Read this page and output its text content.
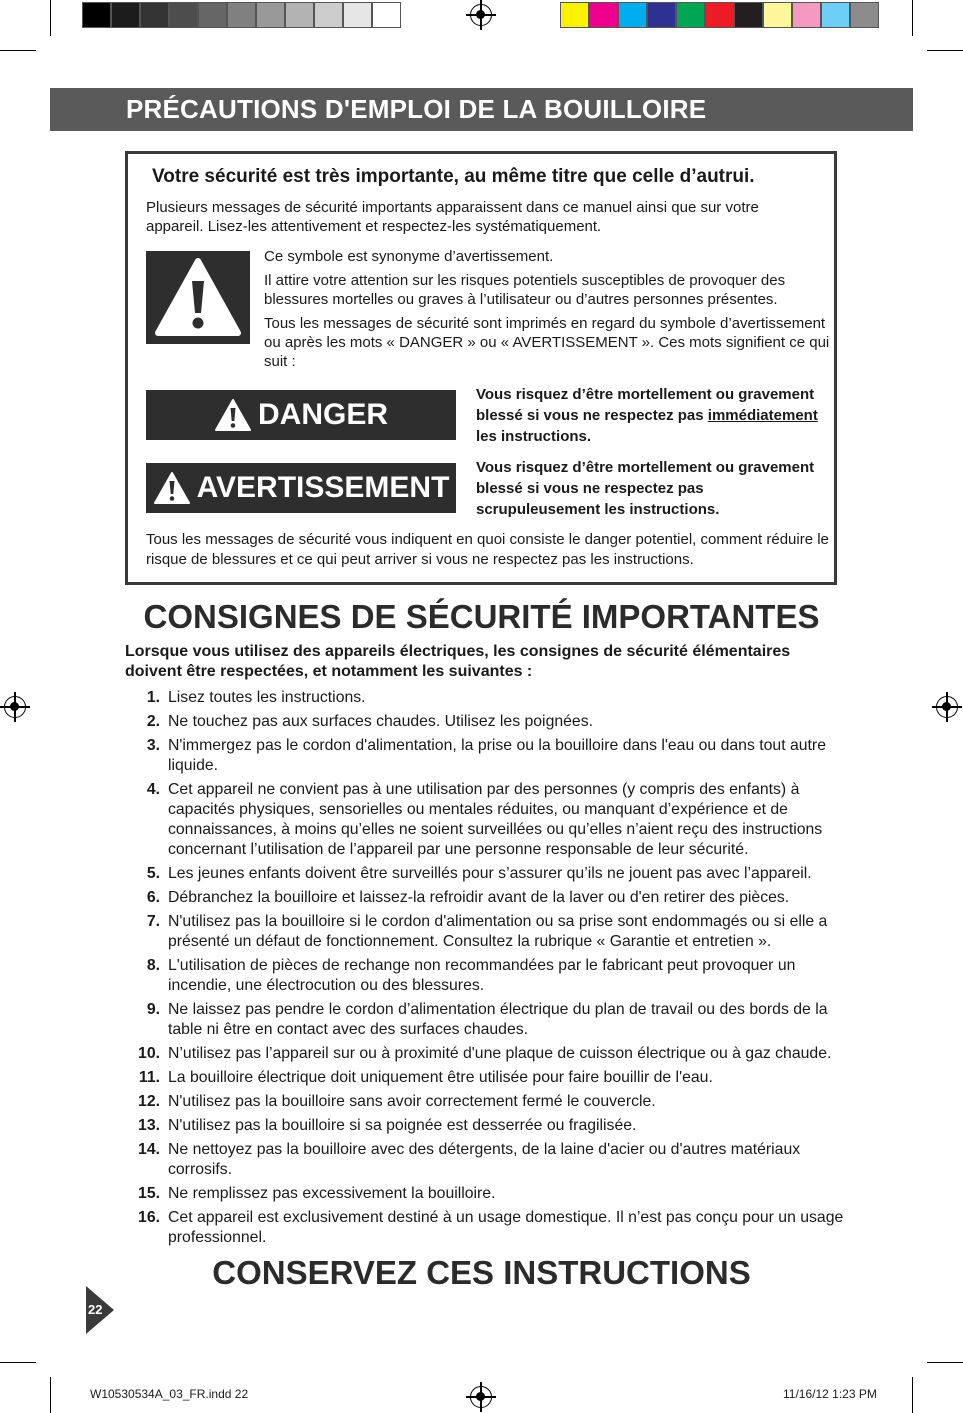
PRÉCAUTIONS D'EMPLOI DE LA BOUILLOIRE
Votre sécurité est très importante, au même titre que celle d’autrui.
Plusieurs messages de sécurité importants apparaissent dans ce manuel ainsi que sur votre appareil. Lisez-les attentivement et respectez-les systématiquement.

Ce symbole est synonyme d’avertissement.

Il attire votre attention sur les risques potentiels susceptibles de provoquer des blessures mortelles ou graves à l’utilisateur ou d’autres personnes présentes.

Tous les messages de sécurité sont imprimés en regard du symbole d’avertissement ou après les mots « DANGER » ou « AVERTISSEMENT ». Ces mots signifient ce qui suit :

DANGER
Vous risquez d’être mortellement ou gravement blessé si vous ne respectez pas immédiatement les instructions.
AVERTISSEMENT
Vous risquez d’être mortellement ou gravement blessé si vous ne respectez pas scrupuleusement les instructions.
Tous les messages de sécurité vous indiquent en quoi consiste le danger potentiel, comment réduire le risque de blessures et ce qui peut arriver si vous ne respectez pas les instructions.
CONSIGNES DE SÉCURITÉ IMPORTANTES
Lorsque vous utilisez des appareils électriques, les consignes de sécurité élémentaires doivent être respectées, et notamment les suivantes :
1. Lisez toutes les instructions.
2. Ne touchez pas aux surfaces chaudes. Utilisez les poignées.
3. N'immergez pas le cordon d'alimentation, la prise ou la bouilloire dans l'eau ou dans tout autre liquide.
4. Cet appareil ne convient pas à une utilisation par des personnes (y compris des enfants) à capacités physiques, sensorielles ou mentales réduites, ou manquant d’expérience et de connaissances, à moins qu’elles ne soient surveillées ou qu’elles n’aient reçu des instructions concernant l’utilisation de l’appareil par une personne responsable de leur sécurité.
5. Les jeunes enfants doivent être surveillés pour s’assurer qu’ils ne jouent pas avec l’appareil.
6. Débranchez la bouilloire et laissez-la refroidir avant de la laver ou d'en retirer des pièces.
7. N'utilisez pas la bouilloire si le cordon d'alimentation ou sa prise sont endommagés ou si elle a présenté un défaut de fonctionnement. Consultez la rubrique « Garantie et entretien ».
8. L'utilisation de pièces de rechange non recommandées par le fabricant peut provoquer un incendie, une électrocution ou des blessures.
9. Ne laissez pas pendre le cordon d’alimentation électrique du plan de travail ou des bords de la table ni être en contact avec des surfaces chaudes.
10. N’utilisez pas l’appareil sur ou à proximité d'une plaque de cuisson électrique ou à gaz chaude.
11. La bouilloire électrique doit uniquement être utilisée pour faire bouillir de l'eau.
12. N'utilisez pas la bouilloire sans avoir correctement fermé le couvercle.
13. N'utilisez pas la bouilloire si sa poignée est desserrée ou fragilisée.
14. Ne nettoyez pas la bouilloire avec des détergents, de la laine d'acier ou d'autres matériaux corrosifs.
15. Ne remplissez pas excessivement la bouilloire.
16. Cet appareil est exclusivement destiné à un usage domestique. Il n’est pas conçu pour un usage professionnel.
CONSERVEZ CES INSTRUCTIONS
22
W10530534A_03_FR.indd 22	11/16/12 1:23 PM
